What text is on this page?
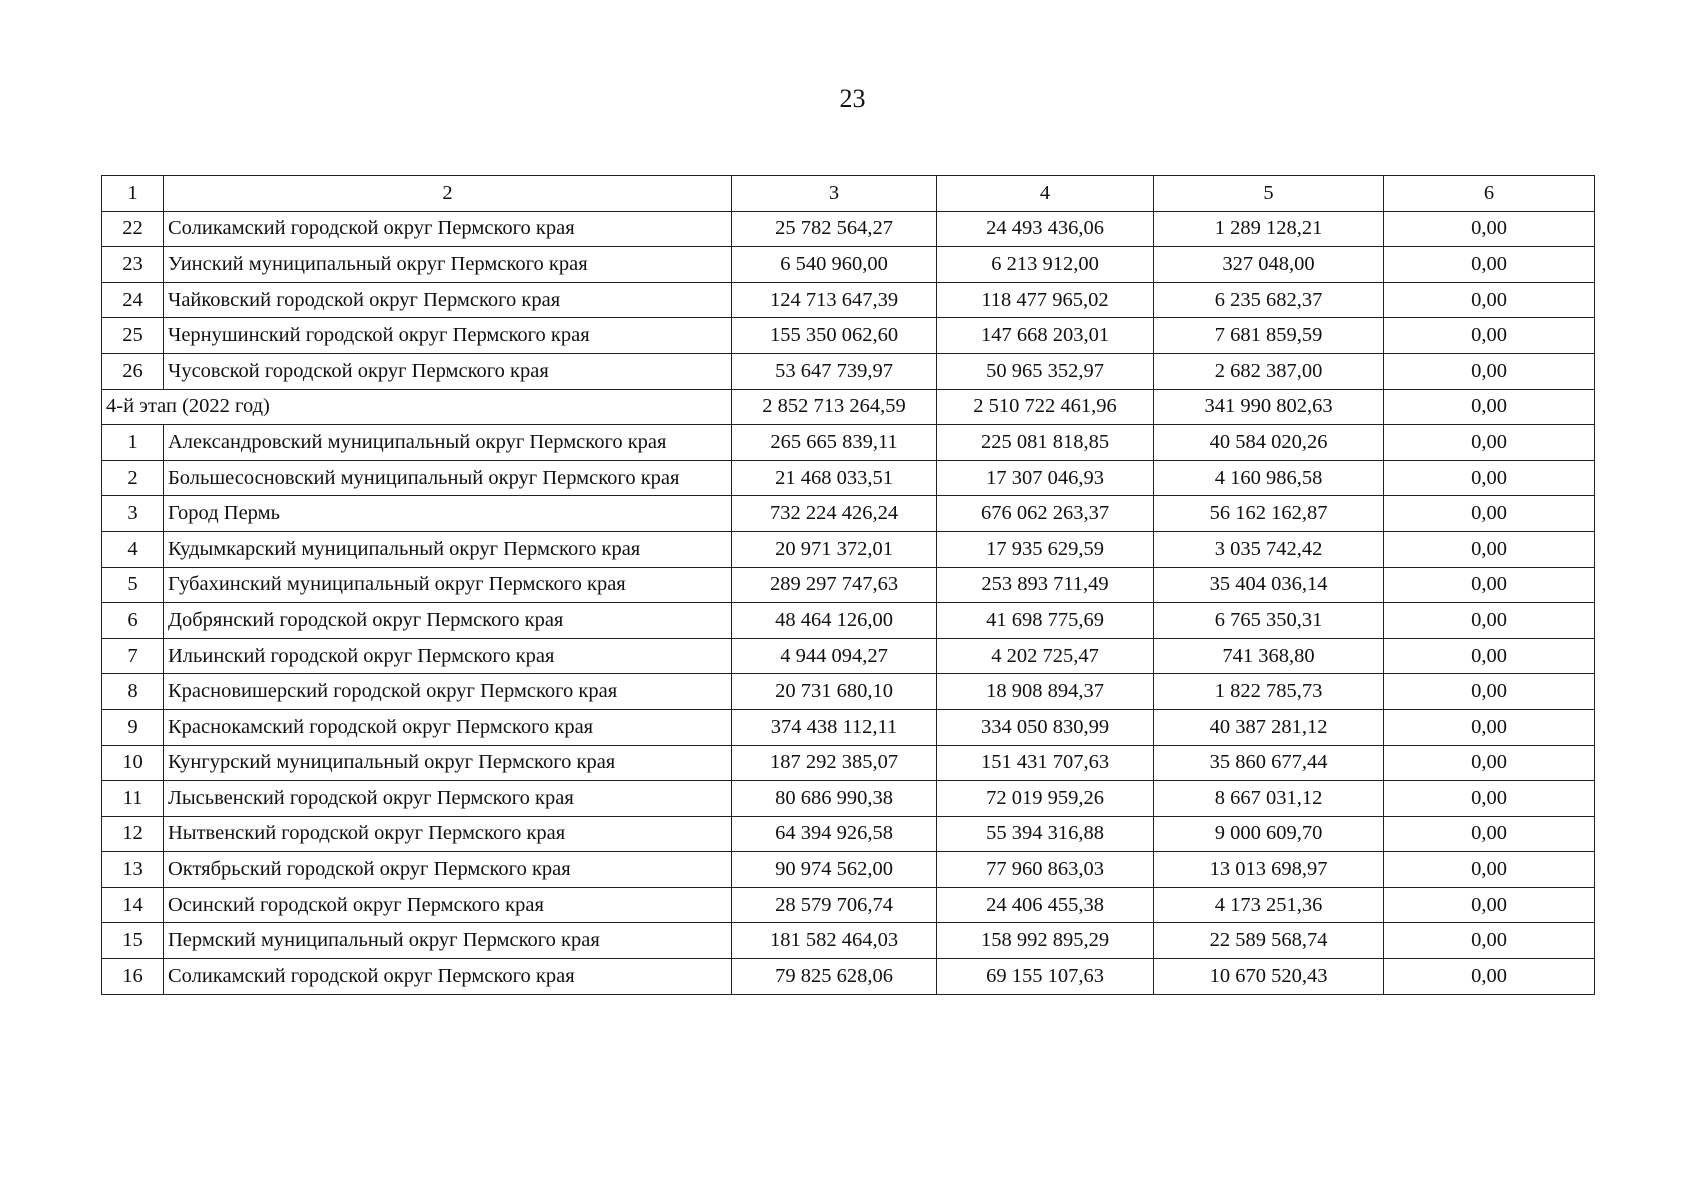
23
1	2	3	4	5	6
22	Соликамский городской округ Пермского края	25 782 564,27	24 493 436,06	1 289 128,21	0,00
23	Уинский муниципальный округ Пермского края	6 540 960,00	6 213 912,00	327 048,00	0,00
24	Чайковский городской округ Пермского края	124 713 647,39	118 477 965,02	6 235 682,37	0,00
25	Чернушинский городской округ Пермского края	155 350 062,60	147 668 203,01	7 681 859,59	0,00
26	Чусовской городской округ Пермского края	53 647 739,97	50 965 352,97	2 682 387,00	0,00
4-й этап (2022 год)		2 852 713 264,59	2 510 722 461,96	341 990 802,63	0,00
1	Александровский муниципальный округ Пермского края	265 665 839,11	225 081 818,85	40 584 020,26	0,00
2	Большесосновский муниципальный округ Пермского края	21 468 033,51	17 307 046,93	4 160 986,58	0,00
3	Город Пермь	732 224 426,24	676 062 263,37	56 162 162,87	0,00
4	Кудымкарский муниципальный округ Пермского края	20 971 372,01	17 935 629,59	3 035 742,42	0,00
5	Губахинский муниципальный округ Пермского края	289 297 747,63	253 893 711,49	35 404 036,14	0,00
6	Добрянский городской округ Пермского края	48 464 126,00	41 698 775,69	6 765 350,31	0,00
7	Ильинский городской округ Пермского края	4 944 094,27	4 202 725,47	741 368,80	0,00
8	Красновишерский городской округ Пермского края	20 731 680,10	18 908 894,37	1 822 785,73	0,00
9	Краснокамский городской округ Пермского края	374 438 112,11	334 050 830,99	40 387 281,12	0,00
10	Кунгурский муниципальный округ Пермского края	187 292 385,07	151 431 707,63	35 860 677,44	0,00
11	Лысьвенский городской округ Пермского края	80 686 990,38	72 019 959,26	8 667 031,12	0,00
12	Нытвенский городской округ Пермского края	64 394 926,58	55 394 316,88	9 000 609,70	0,00
13	Октябрьский городской округ Пермского края	90 974 562,00	77 960 863,03	13 013 698,97	0,00
14	Осинский городской округ Пермского края	28 579 706,74	24 406 455,38	4 173 251,36	0,00
15	Пермский муниципальный округ Пермского края	181 582 464,03	158 992 895,29	22 589 568,74	0,00
16	Соликамский городской округ Пермского края	79 825 628,06	69 155 107,63	10 670 520,43	0,00
